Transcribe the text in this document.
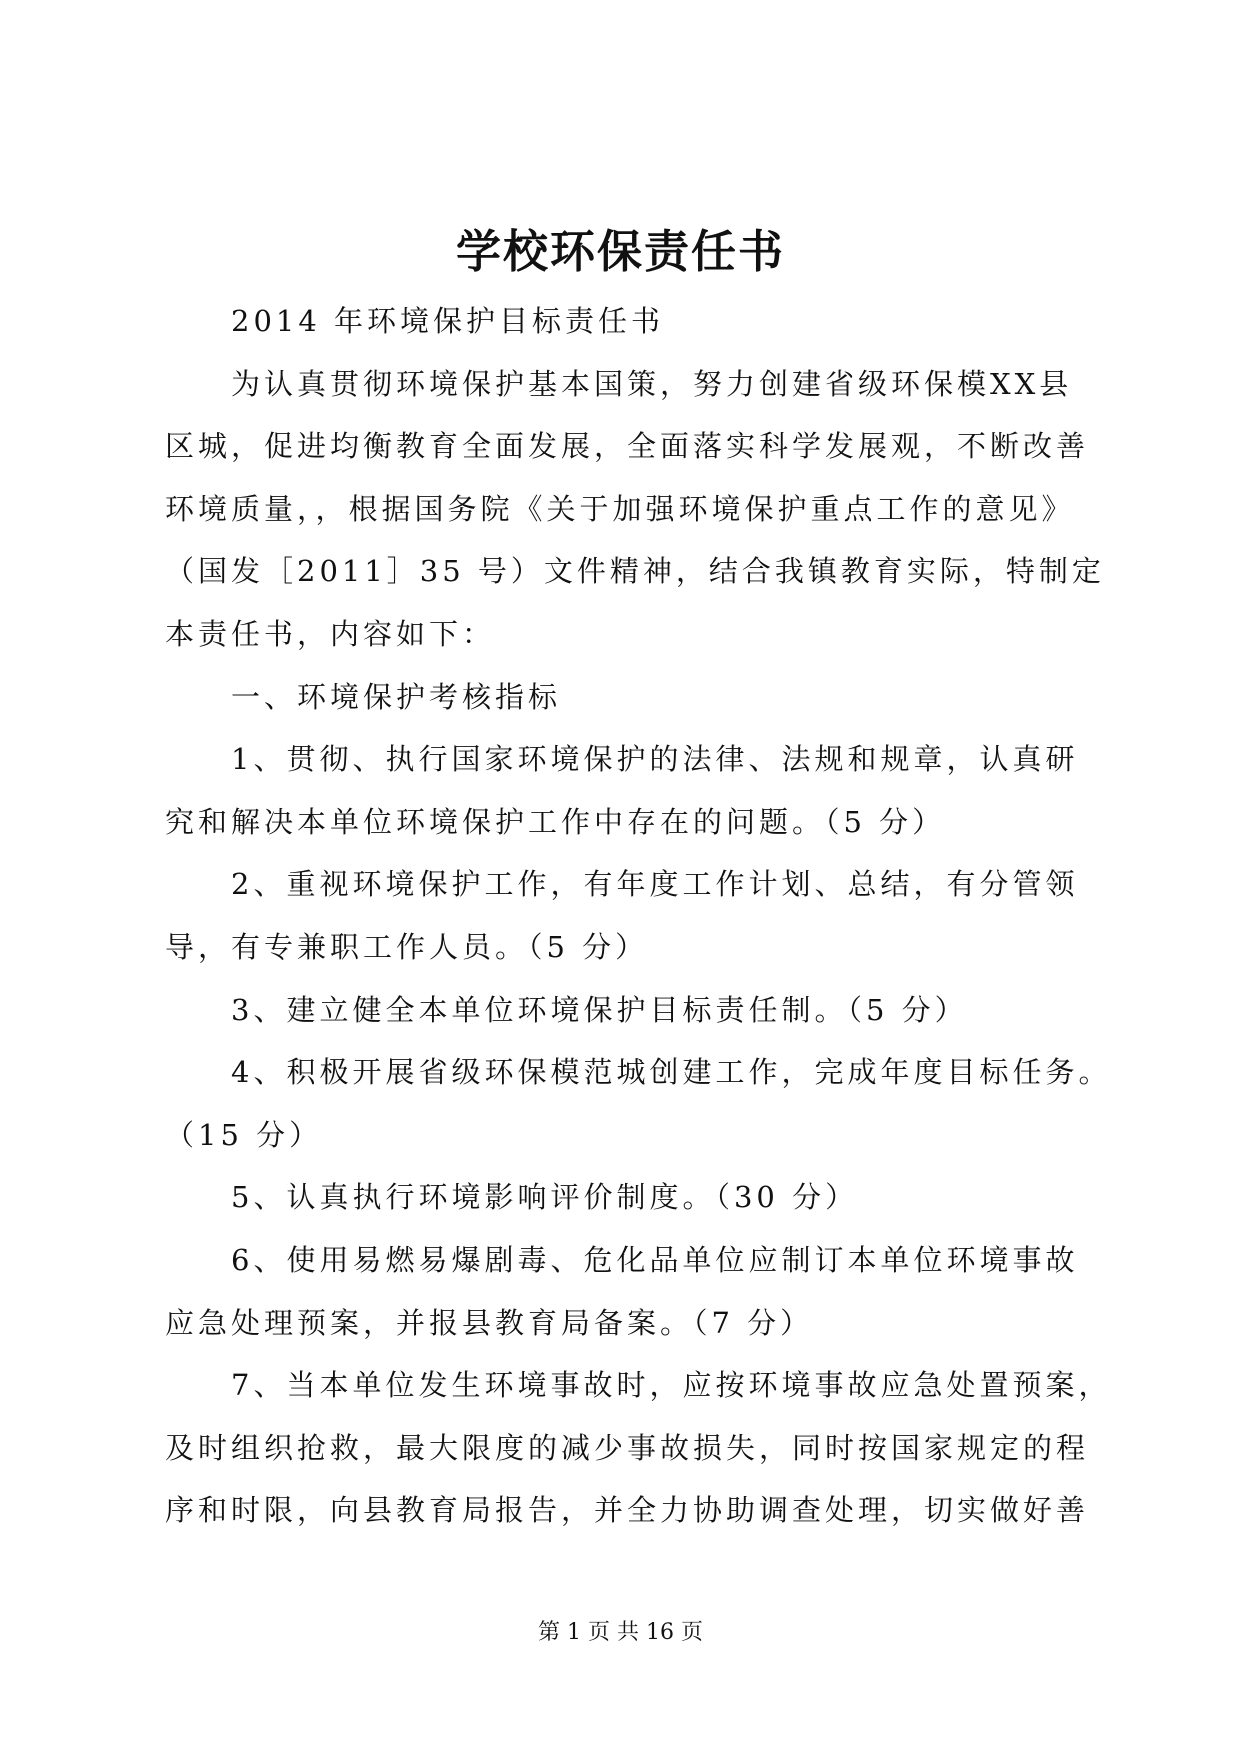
学校环保责任书
2014 年环境保护目标责任书
为认真贯彻环境保护基本国策，努力创建省级环保模XX县
区城，促进均衡教育全面发展，全面落实科学发展观，不断改善
环境质量，，根据国务院《关于加强环境保护重点工作的意见》
（国发［2011］35 号）文件精神，结合我镇教育实际，特制定
本责任书，内容如下：
一、环境保护考核指标
1、贯彻、执行国家环境保护的法律、法规和规章，认真研
究和解决本单位环境保护工作中存在的问题。（5 分）
2、重视环境保护工作，有年度工作计划、总结，有分管领
导，有专兼职工作人员。（5 分）
3、建立健全本单位环境保护目标责任制。（5 分）
4、积极开展省级环保模范城创建工作，完成年度目标任务。
（15 分）
5、认真执行环境影响评价制度。（30 分）
6、使用易燃易爆剧毒、危化品单位应制订本单位环境事故
应急处理预案，并报县教育局备案。（7 分）
7、当本单位发生环境事故时，应按环境事故应急处置预案，
及时组织抢救，最大限度的减少事故损失，同时按国家规定的程
序和时限，向县教育局报告，并全力协助调查处理，切实做好善
第 1 页 共 16 页
